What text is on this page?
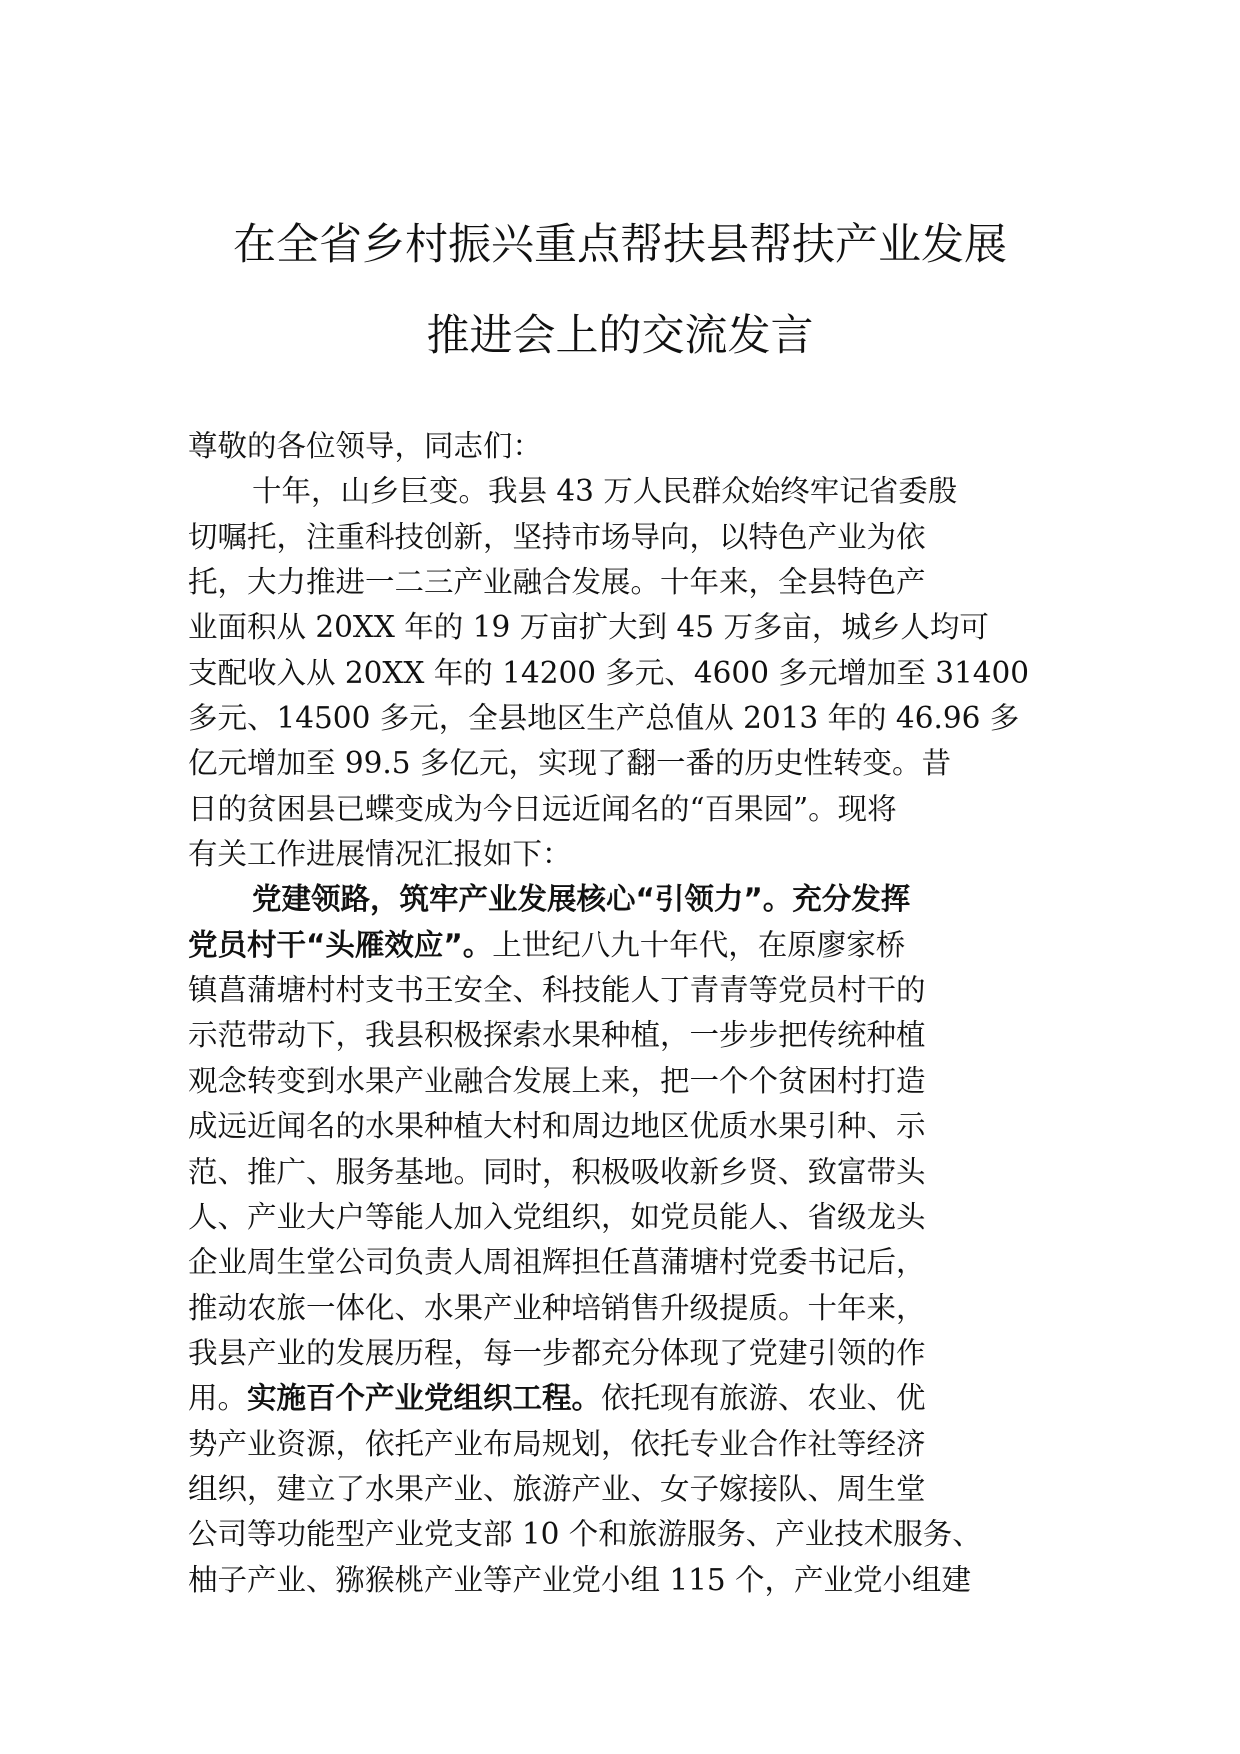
在全省乡村振兴重点帮扶县帮扶产业发展
推进会上的交流发言
尊敬的各位领导，同志们：
十年，山乡巨变。我县 43 万人民群众始终牢记省委殷
切嘱托，注重科技创新，坚持市场导向，以特色产业为依
托，大力推进一二三产业融合发展。十年来，全县特色产
业面积从 20XX 年的 19 万亩扩大到 45 万多亩，城乡人均可
支配收入从 20XX 年的 14200 多元、4600 多元增加至 31400
多元、14500 多元，全县地区生产总值从 2013 年的 46.96 多
亿元增加至 99.5 多亿元，实现了翻一番的历史性转变。昔
日的贫困县已蝶变成为今日远近闻名的“百果园”。现将
有关工作进展情况汇报如下：
党建领路，筑牢产业发展核心“引领力”。充分发挥
党员村干“头雁效应”。上世纪八九十年代，在原廖家桥
镇菖蒲塘村村支书王安全、科技能人丁青青等党员村干的
示范带动下，我县积极探索水果种植，一步步把传统种植
观念转变到水果产业融合发展上来，把一个个贫困村打造
成远近闻名的水果种植大村和周边地区优质水果引种、示
范、推广、服务基地。同时，积极吸收新乡贤、致富带头
人、产业大户等能人加入党组织，如党员能人、省级龙头
企业周生堂公司负责人周祖辉担任菖蒲塘村党委书记后，
推动农旅一体化、水果产业种培销售升级提质。十年来，
我县产业的发展历程，每一步都充分体现了党建引领的作
用。实施百个产业党组织工程。依托现有旅游、农业、优
势产业资源，依托产业布局规划，依托专业合作社等经济
组织，建立了水果产业、旅游产业、女子嫁接队、周生堂
公司等功能型产业党支部 10 个和旅游服务、产业技术服务、
柚子产业、猕猴桃产业等产业党小组 115 个，产业党小组建
